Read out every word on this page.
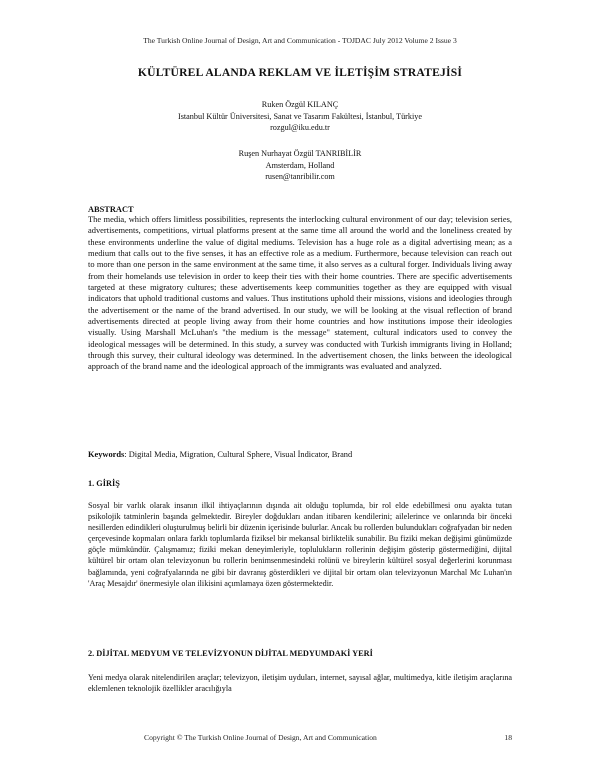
The Turkish Online Journal of Design, Art and Communication - TOJDAC July 2012 Volume 2 Issue 3
KÜLTÜREL ALANDA REKLAM VE İLETİŞİM STRATEJİSİ
Ruken Özgül KILANÇ
Istanbul Kültür Üniversitesi, Sanat ve Tasarım Fakültesi, İstanbul, Türkiye
rozgul@iku.edu.tr
Ruşen Nurhayat Özgül TANRIBİLİR
Amsterdam, Holland
rusen@tanribilir.com
ABSTRACT
The media, which offers limitless possibilities, represents the interlocking cultural environment of our day; television series, advertisements, competitions, virtual platforms present at the same time all around the world and the loneliness created by these environments underline the value of digital mediums. Television has a huge role as a digital advertising mean; as a medium that calls out to the five senses, it has an effective role as a medium. Furthermore, because television can reach out to more than one person in the same environment at the same time, it also serves as a cultural forger. Individuals living away from their homelands use television in order to keep their ties with their home countries. There are specific advertisements targeted at these migratory cultures; these advertisements keep communities together as they are equipped with visual indicators that uphold traditional customs and values. Thus institutions uphold their missions, visions and ideologies through the advertisement or the name of the brand advertised. In our study, we will be looking at the visual reflection of brand advertisements directed at people living away from their home countries and how institutions impose their ideologies visually. Using Marshall McLuhan's "the medium is the message" statement, cultural indicators used to convey the ideological messages will be determined. In this study, a survey was conducted with Turkish immigrants living in Holland; through this survey, their cultural ideology was determined. In the advertisement chosen, the links between the ideological approach of the brand name and the ideological approach of the immigrants was evaluated and analyzed.
Keywords: Digital Media, Migration, Cultural Sphere, Visual İndicator, Brand
1. GİRİŞ
Sosyal bir varlık olarak insanın ilkil ihtiyaçlarının dışında ait olduğu toplumda, bir rol elde edebillmesi onu ayakta tutan psikolojik tatminlerin başında gelmektedir. Bireyler doğdukları andan itibaren kendilerini; ailelerince ve onlarında bir önceki nesillerden edindikleri oluşturulmuş belirli bir düzenin içerisinde bulurlar. Ancak bu rollerden bulundukları coğrafyadan bir neden çerçevesinde kopmaları onlara farklı toplumlarda fiziksel bir mekansal birliktelik sunabilir. Bu fiziki mekan değişimi günümüzde göçle mümkündür. Çalışmamız; fiziki mekan deneyimleriyle, toplulukların rollerinin değişim gösterip göstermediğini, dijital kültürel bir ortam olan televizyonun bu rollerin benimsenmesindeki rolünü ve bireylerin kültürel sosyal değerlerini korunması bağlamında, yeni coğrafyalarında ne gibi bir davranış gösterdikleri ve dijital bir ortam olan televizyonun Marchal Mc Luhan'ın 'Araç Mesajdır' önermesiyle olan ilikisini açımlamaya özen göstermektedir.
2. DİJİTAL MEDYUM VE TELEVİZYONUN DİJİTAL MEDYUMDAKİ YERİ
Yeni medya olarak nitelendirilen araçlar; televizyon, iletişim uyduları, internet, sayısal ağlar, multimedya, kitle iletişim araçlarına eklemlenen teknolojik özellikler aracılığıyla
Copyright © The Turkish Online Journal of Design, Art and Communication	18
